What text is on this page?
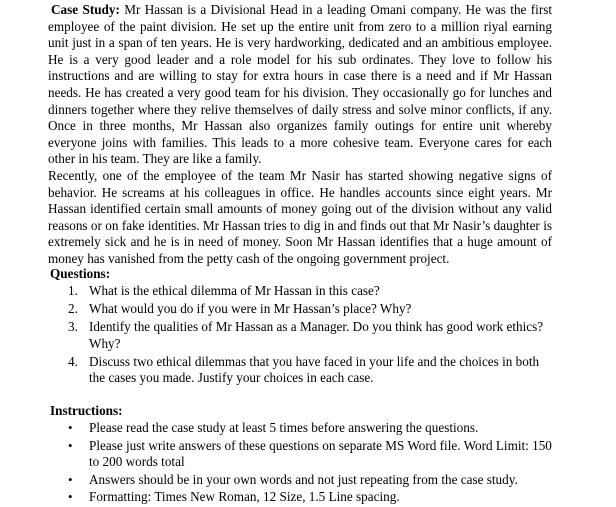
Case Study: Mr Hassan is a Divisional Head in a leading Omani company. He was the first employee of the paint division. He set up the entire unit from zero to a million riyal earning unit just in a span of ten years. He is very hardworking, dedicated and an ambitious employee. He is a very good leader and a role model for his sub ordinates. They love to follow his instructions and are willing to stay for extra hours in case there is a need and if Mr Hassan needs. He has created a very good team for his division. They occasionally go for lunches and dinners together where they relive themselves of daily stress and solve minor conflicts, if any. Once in three months, Mr Hassan also organizes family outings for entire unit whereby everyone joins with families. This leads to a more cohesive team. Everyone cares for each other in his team. They are like a family.

Recently, one of the employee of the team Mr Nasir has started showing negative signs of behavior. He screams at his colleagues in office. He handles accounts since eight years. Mr Hassan identified certain small amounts of money going out of the division without any valid reasons or on fake identities. Mr Hassan tries to dig in and finds out that Mr Nasir’s daughter is extremely sick and he is in need of money. Soon Mr Hassan identifies that a huge amount of money has vanished from the petty cash of the ongoing government project.

Questions:

1. What is the ethical dilemma of Mr Hassan in this case?
2. What would you do if you were in Mr Hassan’s place? Why?
3. Identify the qualities of Mr Hassan as a Manager. Do you think has good work ethics? Why?
4. Discuss two ethical dilemmas that you have faced in your life and the choices in both the cases you made. Justify your choices in each case.

Instructions:

•	Please read the case study at least 5 times before answering the questions.
•	Please just write answers of these questions on separate MS Word file. Word Limit: 150 to 200 words total
•	Answers should be in your own words and not just repeating from the case study.
•	Formatting: Times New Roman, 12 Size, 1.5 Line spacing.
